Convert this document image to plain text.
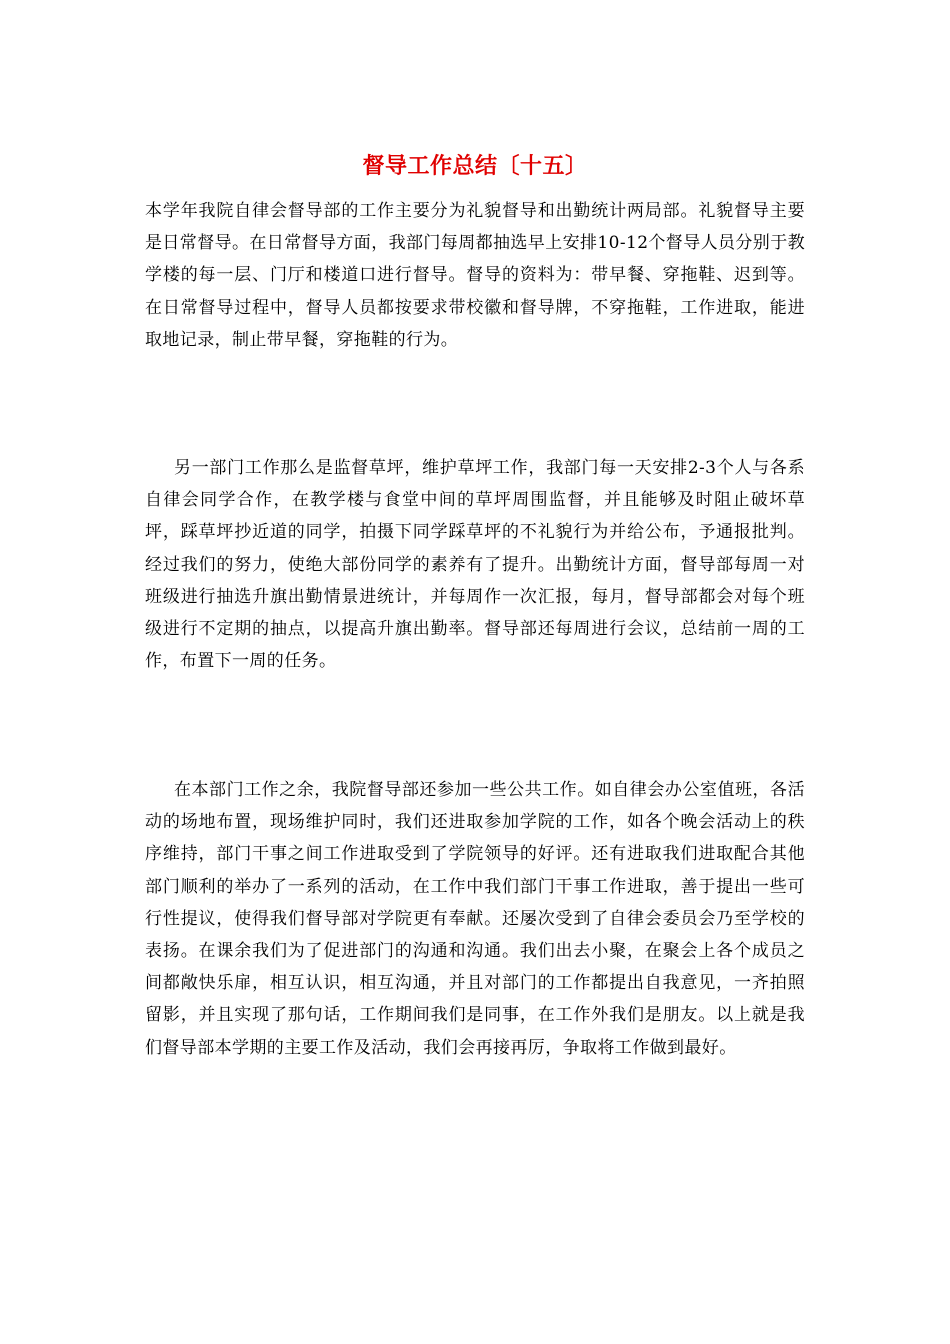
督导工作总结〔十五〕

本学年我院自律会督导部的工作主要分为礼貌督导和出勤统计两局部。礼貌督导主要是日常督导。在日常督导方面，我部门每周都抽选早上安排10-12个督导人员分别于教学楼的每一层、门厅和楼道口进行督导。督导的资料为：带早餐、穿拖鞋、迟到等。在日常督导过程中，督导人员都按要求带校徽和督导牌，不穿拖鞋，工作进取，能进取地记录，制止带早餐，穿拖鞋的行为。

另一部门工作那么是监督草坪，维护草坪工作，我部门每一天安排2-3个人与各系自律会同学合作，在教学楼与食堂中间的草坪周围监督，并且能够及时阻止破坏草坪，踩草坪抄近道的同学，拍摄下同学踩草坪的不礼貌行为并给公布，予通报批判。经过我们的努力，使绝大部份同学的素养有了提升。出勤统计方面，督导部每周一对班级进行抽选升旗出勤情景进统计，并每周作一次汇报，每月，督导部都会对每个班级进行不定期的抽点，以提高升旗出勤率。督导部还每周进行会议，总结前一周的工作，布置下一周的任务。

在本部门工作之余，我院督导部还参加一些公共工作。如自律会办公室值班，各活动的场地布置，现场维护同时，我们还进取参加学院的工作，如各个晚会活动上的秩序维持，部门干事之间工作进取受到了学院领导的好评。还有进取我们进取配合其他部门顺利的举办了一系列的活动，在工作中我们部门干事工作进取，善于提出一些可行性提议，使得我们督导部对学院更有奉献。还屡次受到了自律会委员会乃至学校的表扬。在课余我们为了促进部门的沟通和沟通。我们出去小聚，在聚会上各个成员之间都敞快乐扉，相互认识，相互沟通，并且对部门的工作都提出自我意见，一齐拍照留影，并且实现了那句话，工作期间我们是同事，在工作外我们是朋友。以上就是我们督导部本学期的主要工作及活动，我们会再接再厉，争取将工作做到最好。
